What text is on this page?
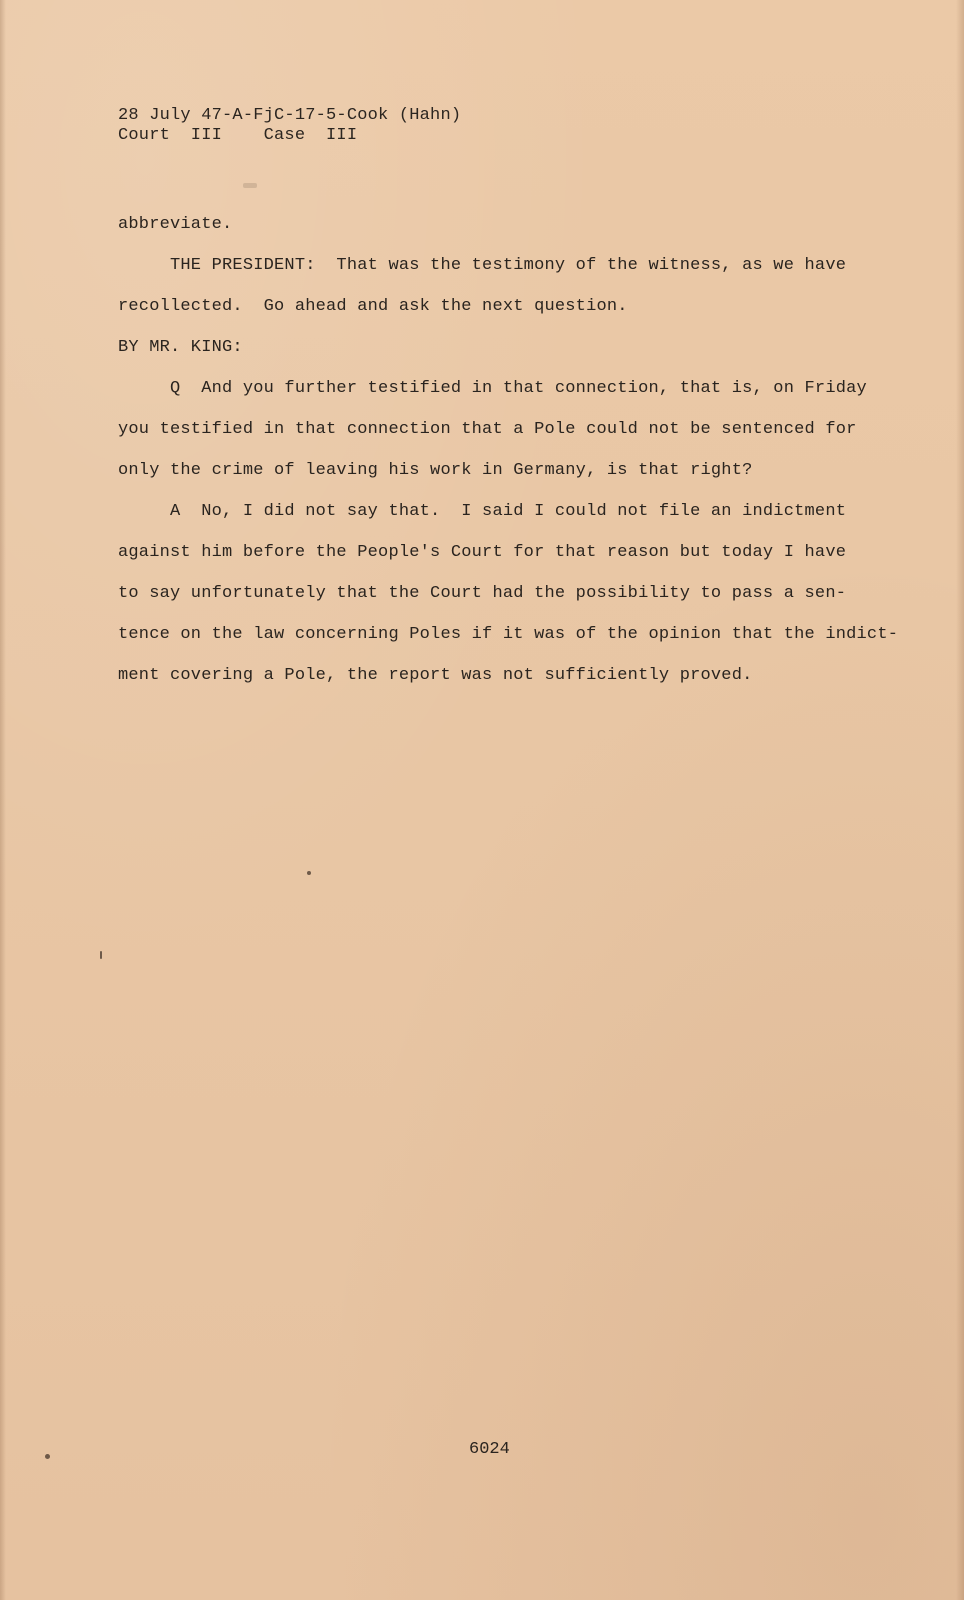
28 July 47-A-FjC-17-5-Cook (Hahn)
Court  III    Case  III
abbreviate.
THE PRESIDENT:  That was the testimony of the witness, as we have
recollected.  Go ahead and ask the next question.
BY MR. KING:
Q  And you further testified in that connection, that is, on Friday
you testified in that connection that a Pole could not be sentenced for
only the crime of leaving his work in Germany, is that right?
A  No, I did not say that.  I said I could not file an indictment
against him before the People's Court for that reason but today I have
to say unfortunately that the Court had the possibility to pass a sen-
tence on the law concerning Poles if it was of the opinion that the indict-
ment covering a Pole, the report was not sufficiently proved.
6024
